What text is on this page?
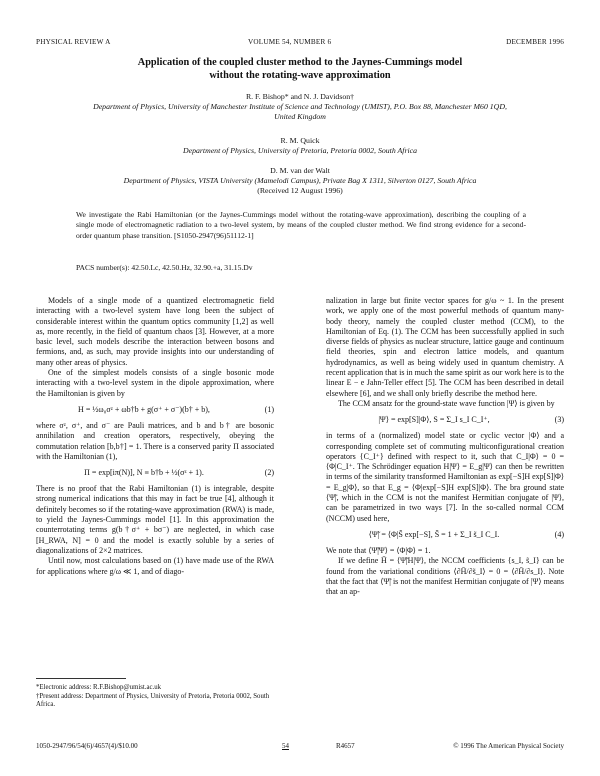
PHYSICAL REVIEW A	VOLUME 54, NUMBER 6	DECEMBER 1996
Application of the coupled cluster method to the Jaynes-Cummings model
without the rotating-wave approximation
R. F. Bishop* and N. J. Davidson†
Department of Physics, University of Manchester Institute of Science and Technology (UMIST), P.O. Box 88, Manchester M60 1QD,
United Kingdom
R. M. Quick
Department of Physics, University of Pretoria, Pretoria 0002, South Africa
D. M. van der Walt
Department of Physics, VISTA University (Mamelodi Campus), Private Bag X 1311, Silverton 0127, South Africa
(Received 12 August 1996)
We investigate the Rabi Hamiltonian (or the Jaynes-Cummings model without the rotating-wave approximation), describing the coupling of a single mode of electromagnetic radiation to a two-level system, by means of the coupled cluster method. We find strong evidence for a second-order quantum phase transition. [S1050-2947(96)51112-1]
PACS number(s): 42.50.Lc, 42.50.Hz, 32.90.+a, 31.15.Dv

Models of a single mode of a quantized electromagnetic field interacting with a two-level system have long been the subject of considerable interest within the quantum optics community [1,2] as well as, more recently, in the field of quantum chaos [3]. However, at a more basic level, such models describe the interaction between bosons and fermions, and, as such, may provide insights into our understanding of many other areas of physics.

One of the simplest models consists of a single bosonic mode interacting with a two-level system in the dipole approximation, where the Hamiltonian is given by

H = ½ω₀σᶻ + ωb†b + g(σ⁺ + σ⁻)(b† + b),	(1)

where σᶻ, σ⁺, and σ⁻ are Pauli matrices, and b and b† are bosonic annihilation and creation operators, respectively, obeying the commutation relation [b,b†] = 1. There is a conserved parity Π associated with the Hamiltonian (1),

Π = exp[iπ(N)], N ≡ b†b + ½(σᶻ + 1).	(2)

There is no proof that the Rabi Hamiltonian (1) is integrable, despite strong numerical indications that this may in fact be true [4], although it definitely becomes so if the rotating-wave approximation (RWA) is made, to yield the Jaynes-Cummings model [1]. In this approximation the counterrotating terms g(b†σ⁺ + bσ⁻) are neglected, in which case [H_RWA, N] = 0 and the model is exactly soluble by a series of diagonalizations of 2×2 matrices.

Until now, most calculations based on (1) have made use of the RWA for applications where g/ω ≪ 1, and of diago-

*Electronic address: R.F.Bishop@umist.ac.uk
†Present address: Department of Physics, University of Pretoria, Pretoria 0002, South Africa.

nalization in large but finite vector spaces for g/ω ~ 1. In the present work, we apply one of the most powerful methods of quantum many-body theory, namely the coupled cluster method (CCM), to the Hamiltonian of Eq. (1). The CCM has been successfully applied in such diverse fields of physics as nuclear structure, lattice gauge and continuum field theories, spin and electron lattice models, and quantum hydrodynamics, as well as being widely used in quantum chemistry. A recent application that is in much the same spirit as our work here is to the linear E − e Jahn-Teller effect [5]. The CCM has been described in detail elsewhere [6], and we shall only briefly describe the method here.

The CCM ansatz for the ground-state wave function |Ψ⟩ is given by

|Ψ⟩ = exp[S]|Φ⟩, S = Σ_I s_I C_I⁺,	(3)

in terms of a (normalized) model state or cyclic vector |Φ⟩ and a corresponding complete set of commuting multiconfigurational creation operators {C_I⁺} defined with respect to it, such that C_I|Φ⟩ = 0 = ⟨Φ|C_I⁺. The Schrödinger equation H|Ψ⟩ = E_g|Ψ⟩ can then be rewritten in terms of the similarity transformed Hamiltonian as exp[−S]H exp[S]|Φ⟩ = E_g|Φ⟩, so that E_g = ⟨Φ|exp[−S]H exp[S]|Φ⟩. The bra ground state ⟨Ψ̃|, which in the CCM is not the manifest Hermitian conjugate of |Ψ⟩, can be parametrized in two ways [7]. In the so-called normal CCM (NCCM) used here,

⟨Ψ̃| = ⟨Φ|S̃ exp[−S], S̃ = 1 + Σ_I s̃_I C_I.	(4)

We note that ⟨Ψ̃|Ψ⟩ = ⟨Φ|Φ⟩ = 1.

If we define H̄ = ⟨Ψ̃|H|Ψ⟩, the NCCM coefficients {s_I, s̃_I} can be found from the variational conditions ⟨∂H̄/∂s̃_I⟩ = 0 = ⟨∂H̄/∂s_I⟩. Note that the fact that ⟨Ψ̃| is not the manifest Hermitian conjugate of |Ψ⟩ means that an ap-

1050-2947/96/54(6)/4657(4)/$10.00	54	R4657	© 1996 The American Physical Society
